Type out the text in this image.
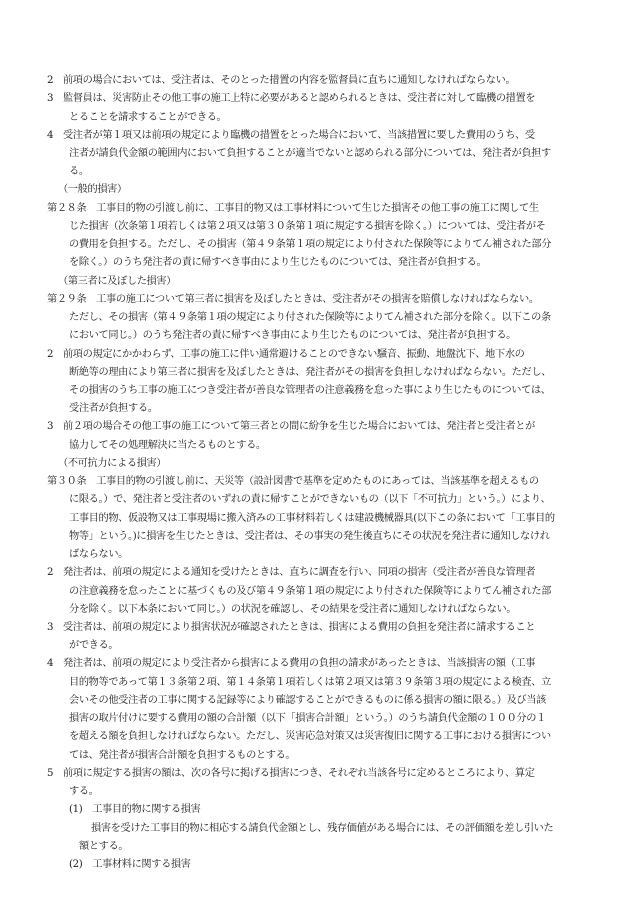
2　前項の場合においては、受注者は、そのとった措置の内容を監督員に直ちに通知しなければならない。
3　監督員は、災害防止その他工事の施工上特に必要があると認められるときは、受注者に対して臨機の措置を
とることを請求することができる。
4　受注者が第１項又は前項の規定により臨機の措置をとった場合において、当該措置に要した費用のうち、受
注者が請負代金額の範囲内において負担することが適当でないと認められる部分については、発注者が負担す
る。
（一般的損害）
第２８条　工事目的物の引渡し前に、工事目的物又は工事材料について生じた損害その他工事の施工に関して生
じた損害（次条第１項若しくは第２項又は第３０条第１項に規定する損害を除く。）については、受注者がそ
の費用を負担する。ただし、その損害（第４９条第１項の規定により付された保険等によりてん補された部分
を除く。）のうち発注者の責に帰すべき事由により生じたものについては、発注者が負担する。
（第三者に及ぼした損害）
第２９条　工事の施工について第三者に損害を及ぼしたときは、受注者がその損害を賠償しなければならない。
ただし、その損害（第４９条第１項の規定により付された保険等によりてん補された部分を除く。以下この条
において同じ。）のうち発注者の責に帰すべき事由により生じたものについては、発注者が負担する。
2　前項の規定にかかわらず、工事の施工に伴い通常避けることのできない騒音、振動、地盤沈下、地下水の
断絶等の理由により第三者に損害を及ぼしたときは、発注者がその損害を負担しなければならない。ただし、
その損害のうち工事の施工につき受注者が善良な管理者の注意義務を怠った事により生じたものについては、
受注者が負担する。
3　前２項の場合その他工事の施工について第三者との間に紛争を生じた場合においては、発注者と受注者とが
協力してその処理解決に当たるものとする。
（不可抗力による損害）
第３０条　工事目的物の引渡し前に、天災等（設計図書で基準を定めたものにあっては、当該基準を超えるもの
に限る。）で、発注者と受注者のいずれの責に帰すことができないもの（以下「不可抗力」という。）により、
工事目的物、仮設物又は工事現場に搬入済みの工事材料若しくは建設機械器具(以下この条において「工事目的
物等」という。)に損害を生じたときは、受注者は、その事実の発生後直ちにその状況を発注者に通知しなけれ
ばならない。
2　発注者は、前項の規定による通知を受けたときは、直ちに調査を行い、同項の損害（受注者が善良な管理者
の注意義務を怠ったことに基づくもの及び第４９条第１項の規定により付された保険等によりてん補された部
分を除く。以下本条において同じ。）の状況を確認し、その結果を受注者に通知しなければならない。
3　受注者は、前項の規定により損害状況が確認されたときは、損害による費用の負担を発注者に請求すること
ができる。
4　発注者は、前項の規定により受注者から損害による費用の負担の請求があったときは、当該損害の額（工事
目的物等であって第１３条第２項、第１４条第１項若しくは第２項又は第３９条第３項の規定による検査、立
会いその他受注者の工事に関する記録等により確認することができるものに係る損害の額に限る。）及び当該
損害の取片付けに要する費用の額の合計額（以下「損害合計額」という。）のうち請負代金額の１００分の１
を超える額を負担しなければならない。ただし、災害応急対策又は災害復旧に関する工事における損害につい
ては、発注者が損害合計額を負担するものとする。
5　前項に規定する損害の額は、次の各号に掲げる損害につき、それぞれ当該各号に定めるところにより、算定
する。
(1)　工事目的物に関する損害
損害を受けた工事目的物に相応する請負代金額とし、残存価値がある場合には、その評価額を差し引いた
額とする。
(2)　工事材料に関する損害
